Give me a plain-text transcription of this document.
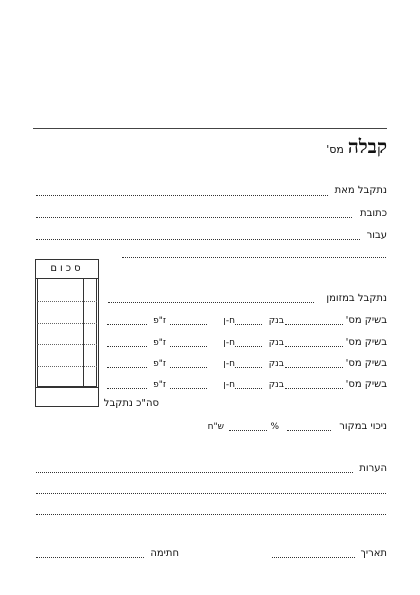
קבלהמס'
נתקבל מאת
כתובת
עבור
סכום
נתקבל במזומן
בשיק מס'
בנק
ח-ן
ז"פ
בשיק מס'
בנק
ח-ן
ז"פ
בשיק מס'
בנק
ח-ן
ז"פ
בשיק מס'
בנק
ח-ן
ז"פ
סה"כ נתקבל
ניכוי במקור
%
ש"ח
הערות
תאריך
חתימה
